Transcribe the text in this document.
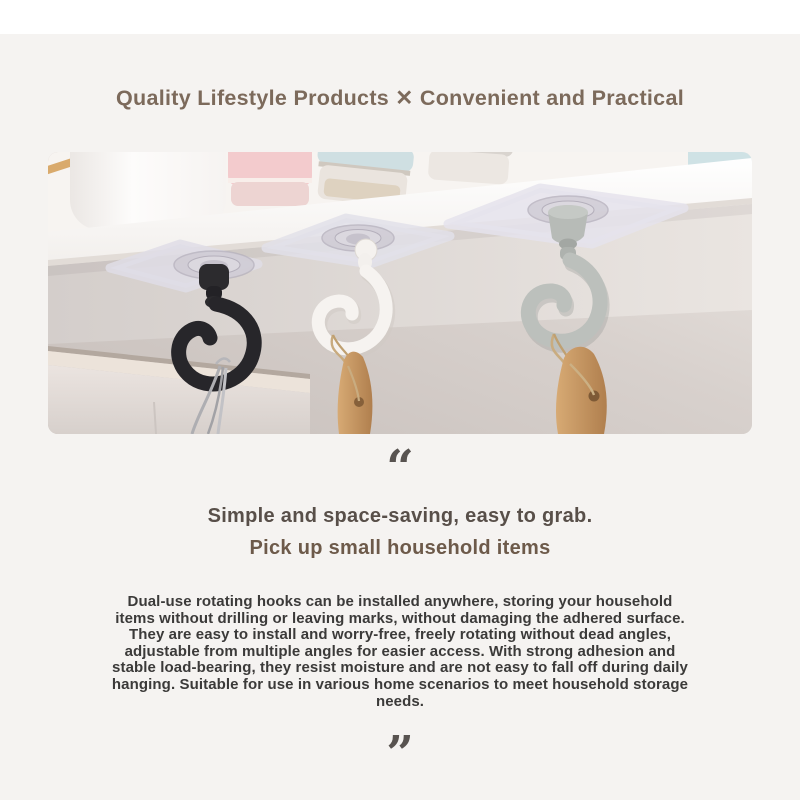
Quality Lifestyle Products ✕ Convenient and Practical
“
Simple and space-saving, easy to grab.
Pick up small household items
Dual-use rotating hooks can be installed anywhere, storing your household items without drilling or leaving marks, without damaging the adhered surface. They are easy to install and worry-free, freely rotating without dead angles, adjustable from multiple angles for easier access. With strong adhesion and stable load-bearing, they resist moisture and are not easy to fall off during daily hanging. Suitable for use in various home scenarios to meet household storage needs.
”
